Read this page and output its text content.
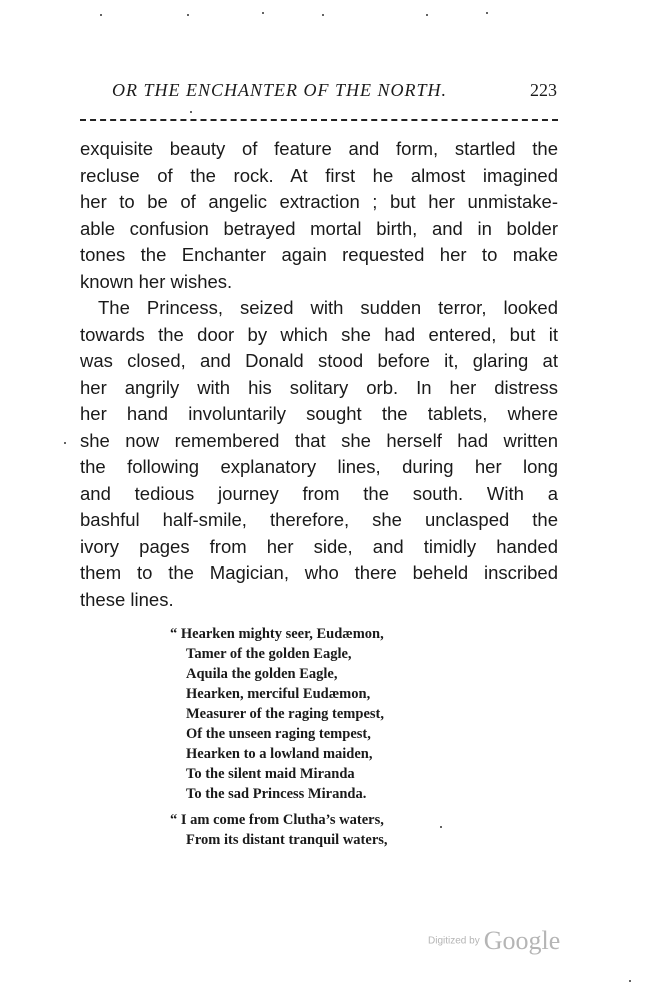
OR THE ENCHANTER OF THE NORTH.	223
exquisite beauty of feature and form, startled the
recluse of the rock. At first he almost imagined
her to be of angelic extraction ; but her unmistake-
able confusion betrayed mortal birth, and in bolder
tones the Enchanter again requested her to make
known her wishes.
The Princess, seized with sudden terror, looked
towards the door by which she had entered, but it
was closed, and Donald stood before it, glaring at
her angrily with his solitary orb. In her distress
her hand involuntarily sought the tablets, where
she now remembered that she herself had written
the following explanatory lines, during her long
and tedious journey from the south. With a
bashful half-smile, therefore, she unclasped the
ivory pages from her side, and timidly handed
them to the Magician, who there beheld inscribed
these lines.
“ Hearken mighty seer, Eudæmon,
Tamer of the golden Eagle,
Aquila the golden Eagle,
Hearken, merciful Eudæmon,
Measurer of the raging tempest,
Of the unseen raging tempest,
Hearken to a lowland maiden,
To the silent maid Miranda
To the sad Princess Miranda.
“ I am come from Clutha’s waters,
From its distant tranquil waters,
Digitized by Google
